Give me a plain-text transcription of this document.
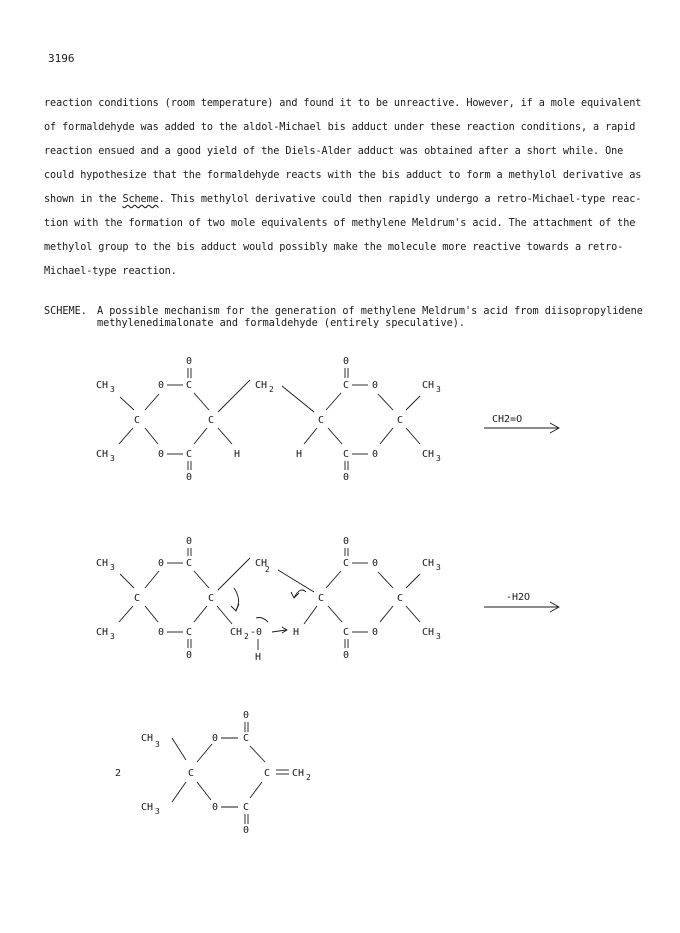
3196
reaction conditions (room temperature) and found it to be unreactive. However, if a mole equivalent
of formaldehyde was added to the aldol-Michael bis adduct under these reaction conditions, a rapid
reaction ensued and a good yield of the Diels-Alder adduct was obtained after a short while. One
could hypothesize that the formaldehyde reacts with the bis adduct to form a methylol derivative as
shown in the Scheme. This methylol derivative could then rapidly undergo a retro-Michael-type reac-
tion with the formation of two mole equivalents of methylene Meldrum's acid. The attachment of the
methylol group to the bis adduct would possibly make the molecule more reactive towards a retro-
Michael-type reaction.
SCHEME. A possible mechanism for the generation of methylene Meldrum's acid from diisopropylidene
methylenedimalonate and formaldehyde (entirely speculative).
0
C
0
CH 3
C
CH 3	0 C
0
C
H
CH 2
0
C 0	CH 3
C
H	C 0
0
C
CH 3
CH2=O
0
C
0
CH 3
C
CH 3	0 C
0
C
CH 2 -0
H
CH
2
H
0
C 0	CH 3
C
C 0
0
C
CH 3
-H2O
2
0
C
0
CH
3
C
CH 3	0 C
0
C CH 2
